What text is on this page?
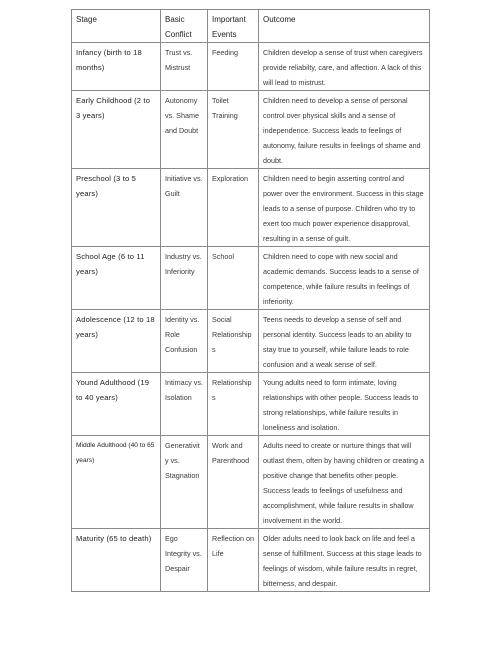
Stage	Basic Conflict	Important Events	Outcome
Infancy (birth to 18 months)	Trust vs. Mistrust	Feeding	Children develop a sense of trust when caregivers provide reliabilty, care, and affection. A lack of this will lead to mistrust.
Early Childhood (2 to 3 years)	Autonomy vs. Shame and Doubt	Toilet Training	Children need to develop a sense of personal control over physical skills and a sense of independence. Success leads to feelings of autonomy, failure results in feelings of shame and doubt.
Preschool (3 to 5 years)	Initiative vs. Guilt	Exploration	Children need to begin asserting control and power over the environment. Success in this stage leads to a sense of purpose. Children who try to exert too much power experience disapproval, resulting in a sense of guilt.
School Age (6 to 11 years)	Industry vs. Inferiority	School	Children need to cope with new social and academic demands. Success leads to a sense of competence, while failure results in feelings of inferiority.
Adolescence (12 to 18 years)	Identity vs. Role Confusion	Social Relationships	Teens needs to develop a sense of self and personal identity. Success leads to an ability to stay true to yourself, while failure leads to role confusion and a weak sense of self.
Yound Adulthood (19 to 40 years)	Intimacy vs. Isolation	Relationships	Young adults need to form intimate, loving relationships with other people. Success leads to strong relationships, while failure results in loneliness and isolation.
Middle Adulthood (40 to 65 years)	Generativity vs. Stagnation	Work and Parenthood	Adults need to create or nurture things that will outlast them, often by having children or creating a positive change that benefits other people. Success leads to feelings of usefulness and accomplishment, while failure results in shallow involvement in the world.
Maturity (65 to death)	Ego Integrity vs. Despair	Reflection on Life	Older adults need to look back on life and feel a sense of fulfillment. Success at this stage leads to feelings of wisdom, while failure results in regret, bitterness, and despair.
